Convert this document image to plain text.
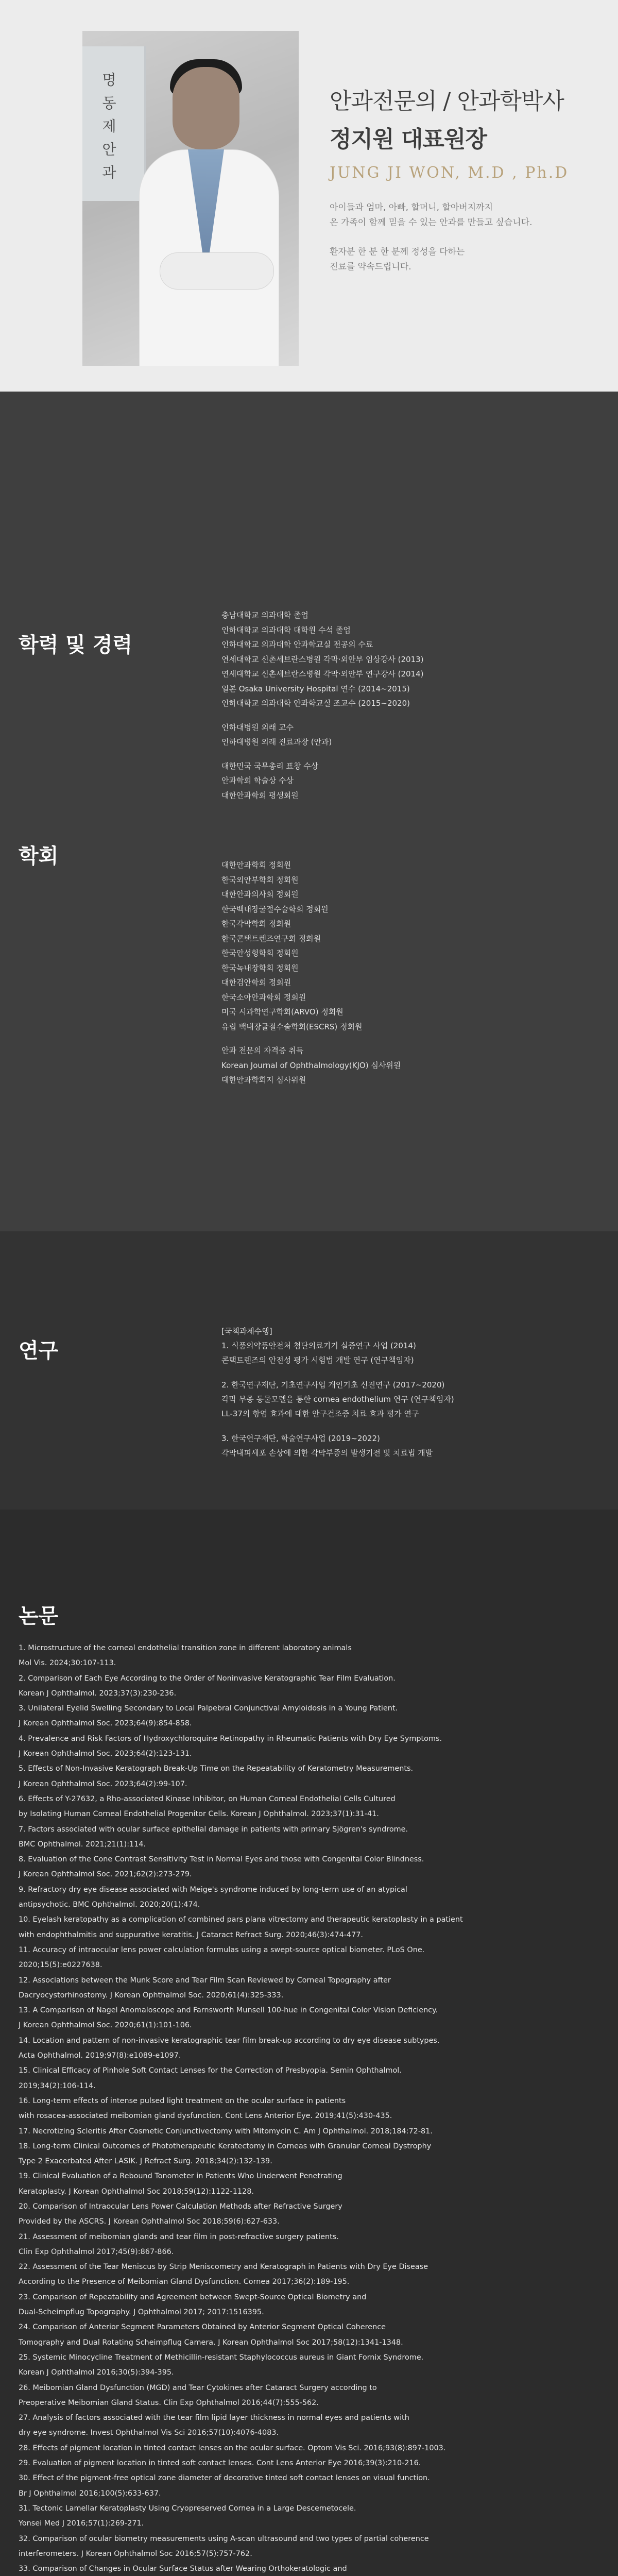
명 동 제 안 과	안과전문의 / 안과학박사
정지원 대표원장
JUNG JI WON, M.D , Ph.D

아이들과 엄마, 아빠, 할머니, 할아버지까지
온 가족이 함께 믿을 수 있는 안과를 만들고 싶습니다.

환자분 한 분 한 분께 정성을 다하는
진료를 약속드립니다.

학력 및 경력
충남대학교 의과대학 졸업
인하대학교 의과대학 대학원 수석 졸업
인하대학교 의과대학 안과학교실 전공의 수료
연세대학교 신촌세브란스병원 각막·외안부 임상강사 (2013)
연세대학교 신촌세브란스병원 각막·외안부 연구강사 (2014)
일본 Osaka University Hospital 연수 (2014~2015)
인하대학교 의과대학 안과학교실 조교수 (2015~2020)
인하대병원 외래 교수
인하대병원 외래 진료과장 (안과)
대한민국 국무총리 표창 수상
안과학회 학술상 수상
대한안과학회 평생회원
학회	대한안과학회 정회원
한국외안부학회 정회원
대한안과의사회 정회원
한국백내장굴절수술학회 정회원
한국각막학회 정회원
한국콘택트렌즈연구회 정회원
한국안성형학회 정회원
한국녹내장학회 정회원
대한검안학회 정회원
한국소아안과학회 정회원
미국 시과학연구학회(ARVO) 정회원
유럽 백내장굴절수술학회(ESCRS) 정회원
안과 전문의 자격증 취득
Korean Journal of Ophthalmology(KJO) 심사위원
대한안과학회지 심사위원
연구

[국책과제수행]
1. 식품의약품안전처 첨단의료기기 실증연구 사업 (2014)
콘택트렌즈의 안전성 평가 시험법 개발 연구 (연구책임자)

2. 한국연구재단, 기초연구사업 개인기초 신진연구 (2017~2020)
각막 부종 동물모델을 통한 cornea endothelium 연구 (연구책임자)
LL-37의 항염 효과에 대한 안구건조증 치료 효과 평가 연구

3. 한국연구재단, 학술연구사업 (2019~2022)
각막내피세포 손상에 의한 각막부종의 발생기전 및 치료법 개발

논문
1. Microstructure of the corneal endothelial transition zone in different laboratory animals
Mol Vis. 2024;30:107-113.
2. Comparison of Each Eye According to the Order of Noninvasive Keratographic Tear Film Evaluation.
Korean J Ophthalmol. 2023;37(3):230-236.
3. Unilateral Eyelid Swelling Secondary to Local Palpebral Conjunctival Amyloidosis in a Young Patient.
J Korean Ophthalmol Soc. 2023;64(9):854-858.
4. Prevalence and Risk Factors of Hydroxychloroquine Retinopathy in Rheumatic Patients with Dry Eye Symptoms.
J Korean Ophthalmol Soc. 2023;64(2):123-131.
5. Effects of Non-Invasive Keratograph Break-Up Time on the Repeatability of Keratometry Measurements.
J Korean Ophthalmol Soc. 2023;64(2):99-107.
6. Effects of Y-27632, a Rho-associated Kinase Inhibitor, on Human Corneal Endothelial Cells Cultured
by Isolating Human Corneal Endothelial Progenitor Cells. Korean J Ophthalmol. 2023;37(1):31-41.
7. Factors associated with ocular surface epithelial damage in patients with primary Sjögren's syndrome.
BMC Ophthalmol. 2021;21(1):114.
8. Evaluation of the Cone Contrast Sensitivity Test in Normal Eyes and those with Congenital Color Blindness.
J Korean Ophthalmol Soc. 2021;62(2):273-279.
9. Refractory dry eye disease associated with Meige's syndrome induced by long-term use of an atypical
antipsychotic. BMC Ophthalmol. 2020;20(1):474.
10. Eyelash keratopathy as a complication of combined pars plana vitrectomy and therapeutic keratoplasty in a patient
with endophthalmitis and suppurative keratitis. J Cataract Refract Surg. 2020;46(3):474-477.
11. Accuracy of intraocular lens power calculation formulas using a swept-source optical biometer. PLoS One.
2020;15(5):e0227638.
12. Associations between the Munk Score and Tear Film Scan Reviewed by Corneal Topography after
Dacryocystorhinostomy. J Korean Ophthalmol Soc. 2020;61(4):325-333.
13. A Comparison of Nagel Anomaloscope and Farnsworth Munsell 100-hue in Congenital Color Vision Deficiency.
J Korean Ophthalmol Soc. 2020;61(1):101-106.
14. Location and pattern of non-invasive keratographic tear film break-up according to dry eye disease subtypes.
Acta Ophthalmol. 2019;97(8):e1089-e1097.
15. Clinical Efficacy of Pinhole Soft Contact Lenses for the Correction of Presbyopia. Semin Ophthalmol.
2019;34(2):106-114.
16. Long-term effects of intense pulsed light treatment on the ocular surface in patients
with rosacea-associated meibomian gland dysfunction. Cont Lens Anterior Eye. 2019;41(5):430-435.
17. Necrotizing Scleritis After Cosmetic Conjunctivectomy with Mitomycin C. Am J Ophthalmol. 2018;184:72-81.
18. Long-term Clinical Outcomes of Phototherapeutic Keratectomy in Corneas with Granular Corneal Dystrophy
Type 2 Exacerbated After LASIK. J Refract Surg. 2018;34(2):132-139.
19. Clinical Evaluation of a Rebound Tonometer in Patients Who Underwent Penetrating
Keratoplasty. J Korean Ophthalmol Soc 2018;59(12):1122-1128.
20. Comparison of Intraocular Lens Power Calculation Methods after Refractive Surgery
Provided by the ASCRS. J Korean Ophthalmol Soc 2018;59(6):627-633.
21. Assessment of meibomian glands and tear film in post-refractive surgery patients.
Clin Exp Ophthalmol 2017;45(9):867-866.
22. Assessment of the Tear Meniscus by Strip Meniscometry and Keratograph in Patients with Dry Eye Disease
According to the Presence of Meibomian Gland Dysfunction. Cornea 2017;36(2):189-195.
23. Comparison of Repeatability and Agreement between Swept-Source Optical Biometry and
Dual-Scheimpflug Topography. J Ophthalmol 2017; 2017:1516395.
24. Comparison of Anterior Segment Parameters Obtained by Anterior Segment Optical Coherence
Tomography and Dual Rotating Scheimpflug Camera. J Korean Ophthalmol Soc 2017;58(12):1341-1348.
25. Systemic Minocycline Treatment of Methicillin-resistant Staphylococcus aureus in Giant Fornix Syndrome.
Korean J Ophthalmol 2016;30(5):394-395.
26. Meibomian Gland Dysfunction (MGD) and Tear Cytokines after Cataract Surgery according to
Preoperative Meibomian Gland Status. Clin Exp Ophthalmol 2016;44(7):555-562.
27. Analysis of factors associated with the tear film lipid layer thickness in normal eyes and patients with
dry eye syndrome. Invest Ophthalmol Vis Sci 2016;57(10):4076-4083.
28. Effects of pigment location in tinted contact lenses on the ocular surface. Optom Vis Sci. 2016;93(8):897-1003.
29. Evaluation of pigment location in tinted soft contact lenses. Cont Lens Anterior Eye 2016;39(3):210-216.
30. Effect of the pigment-free optical zone diameter of decorative tinted soft contact lenses on visual function.
Br J Ophthalmol 2016;100(5):633-637.
31. Tectonic Lamellar Keratoplasty Using Cryopreserved Cornea in a Large Descemetocele.
Yonsei Med J 2016;57(1):269-271.
32. Comparison of ocular biometry measurements using A-scan ultrasound and two types of partial coherence
interferometers. J Korean Ophthalmol Soc 2016;57(5):757-762.
33. Comparison of Changes in Ocular Surface Status after Wearing Orthokeratologic and
